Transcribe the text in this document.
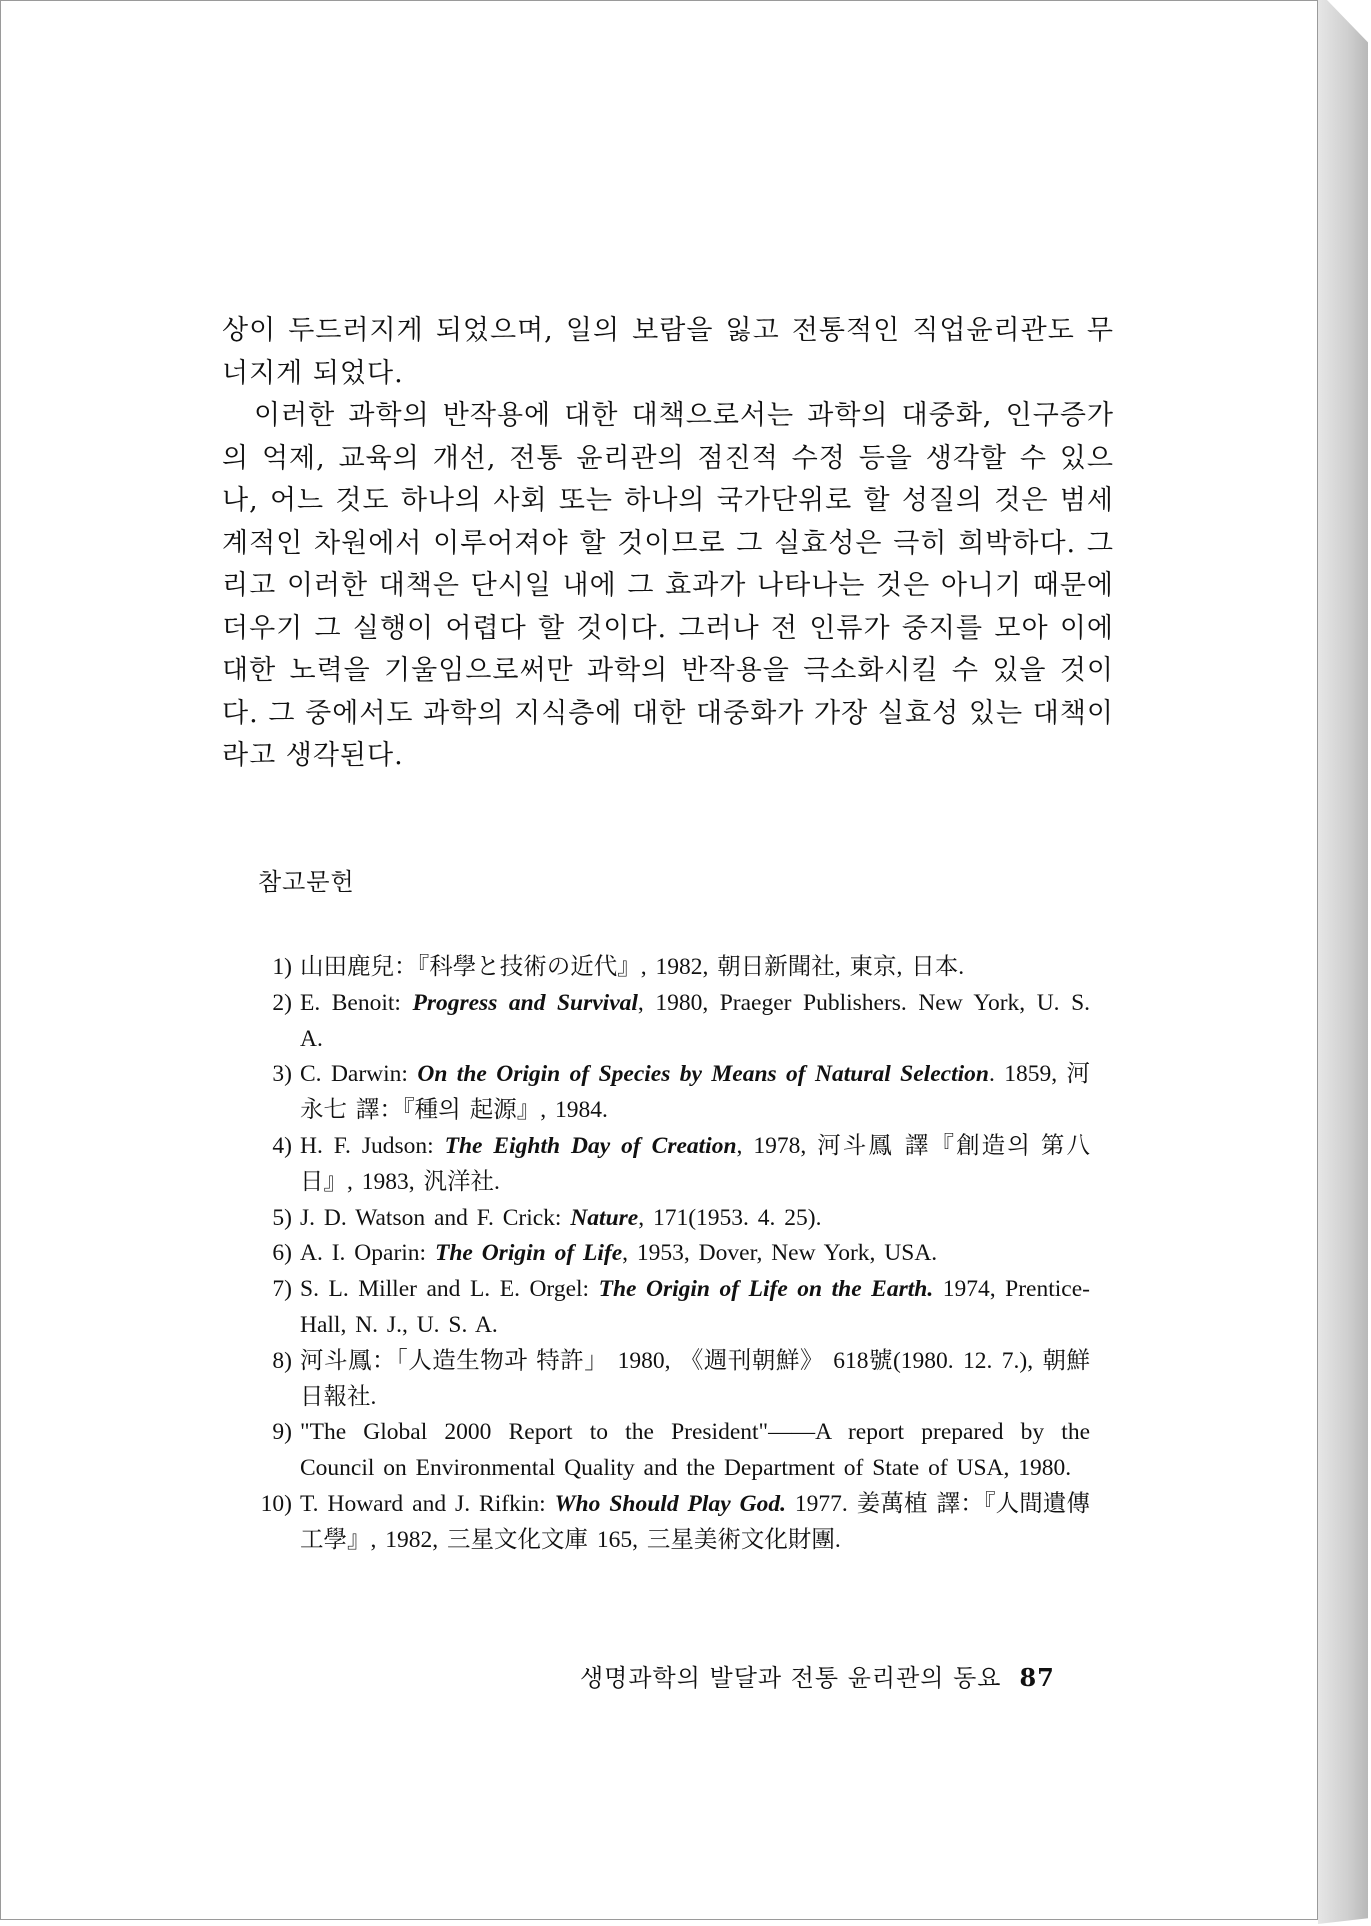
상이 두드러지게 되었으며, 일의 보람을 잃고 전통적인 직업윤리관도 무너지게 되었다.

이러한 과학의 반작용에 대한 대책으로서는 과학의 대중화, 인구증가의 억제, 교육의 개선, 전통 윤리관의 점진적 수정 등을 생각할 수 있으나, 어느 것도 하나의 사회 또는 하나의 국가단위로 할 성질의 것은 범세계적인 차원에서 이루어져야 할 것이므로 그 실효성은 극히 희박하다. 그리고 이러한 대책은 단시일 내에 그 효과가 나타나는 것은 아니기 때문에 더우기 그 실행이 어렵다 할 것이다. 그러나 전 인류가 중지를 모아 이에 대한 노력을 기울임으로써만 과학의 반작용을 극소화시킬 수 있을 것이다. 그 중에서도 과학의 지식층에 대한 대중화가 가장 실효성 있는 대책이라고 생각된다.

참고문헌
1) 山田鹿兒：『科學と技術の近代』, 1982, 朝日新聞社, 東京, 日本.
2) E. Benoit: Progress and Survival, 1980, Praeger Publishers. New York, U. S. A.
3) C. Darwin: On the Origin of Species by Means of Natural Selection. 1859, 河永七 譯：『種의 起源』, 1984.
4) H. F. Judson: The Eighth Day of Creation, 1978, 河斗鳳 譯『創造의 第八日』, 1983, 汎洋社.
5) J. D. Watson and F. Crick: Nature, 171(1953. 4. 25).
6) A. I. Oparin: The Origin of Life, 1953, Dover, New York, USA.
7) S. L. Miller and L. E. Orgel: The Origin of Life on the Earth. 1974, Prentice-Hall, N. J., U. S. A.
8) 河斗鳳：「人造生物과 特許」 1980, 《週刊朝鮮》 618號(1980. 12. 7.), 朝鮮日報社.
9) "The Global 2000 Report to the President"——A report prepared by the Council on Environmental Quality and the Department of State of USA, 1980.
10) T. Howard and J. Rifkin: Who Should Play God. 1977. 姜萬植 譯：『人間遺傳工學』, 1982, 三星文化文庫 165, 三星美術文化財團.
생명과학의 발달과 전통 윤리관의 동요 87
